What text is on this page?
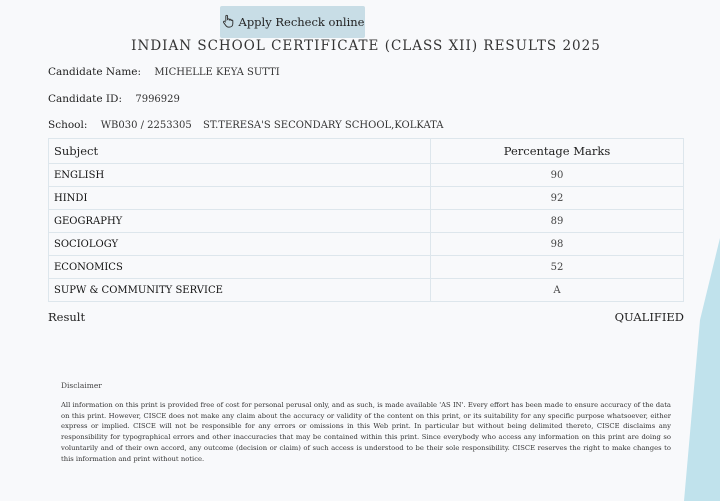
Apply Recheck online
INDIAN SCHOOL CERTIFICATE (CLASS XII) RESULTS 2025
Candidate Name: MICHELLE KEYA SUTTI
Candidate ID: 7996929
School: WB030 / 2253305 ST.TERESA'S SECONDARY SCHOOL,KOLKATA
Subject	Percentage Marks
ENGLISH	90
HINDI	92
GEOGRAPHY	89
SOCIOLOGY	98
ECONOMICS	52
SUPW & COMMUNITY SERVICE	A
Result	QUALIFIED
Disclaimer

All information on this print is provided free of cost for personal perusal only, and as such, is made available 'AS IN'. Every effort has been made to ensure accuracy of the data on this print. However, CISCE does not make any claim about the accuracy or validity of the content on this print, or its suitability for any specific purpose whatsoever, either express or implied. CISCE will not be responsible for any errors or omissions in this Web print. In particular but without being delimited thereto, CISCE disclaims any responsibility for typographical errors and other inaccuracies that may be contained within this print. Since everybody who access any information on this print are doing so voluntarily and of their own accord, any outcome (decision or claim) of such access is understood to be their sole responsibility. CISCE reserves the right to make changes to this information and print without notice.
